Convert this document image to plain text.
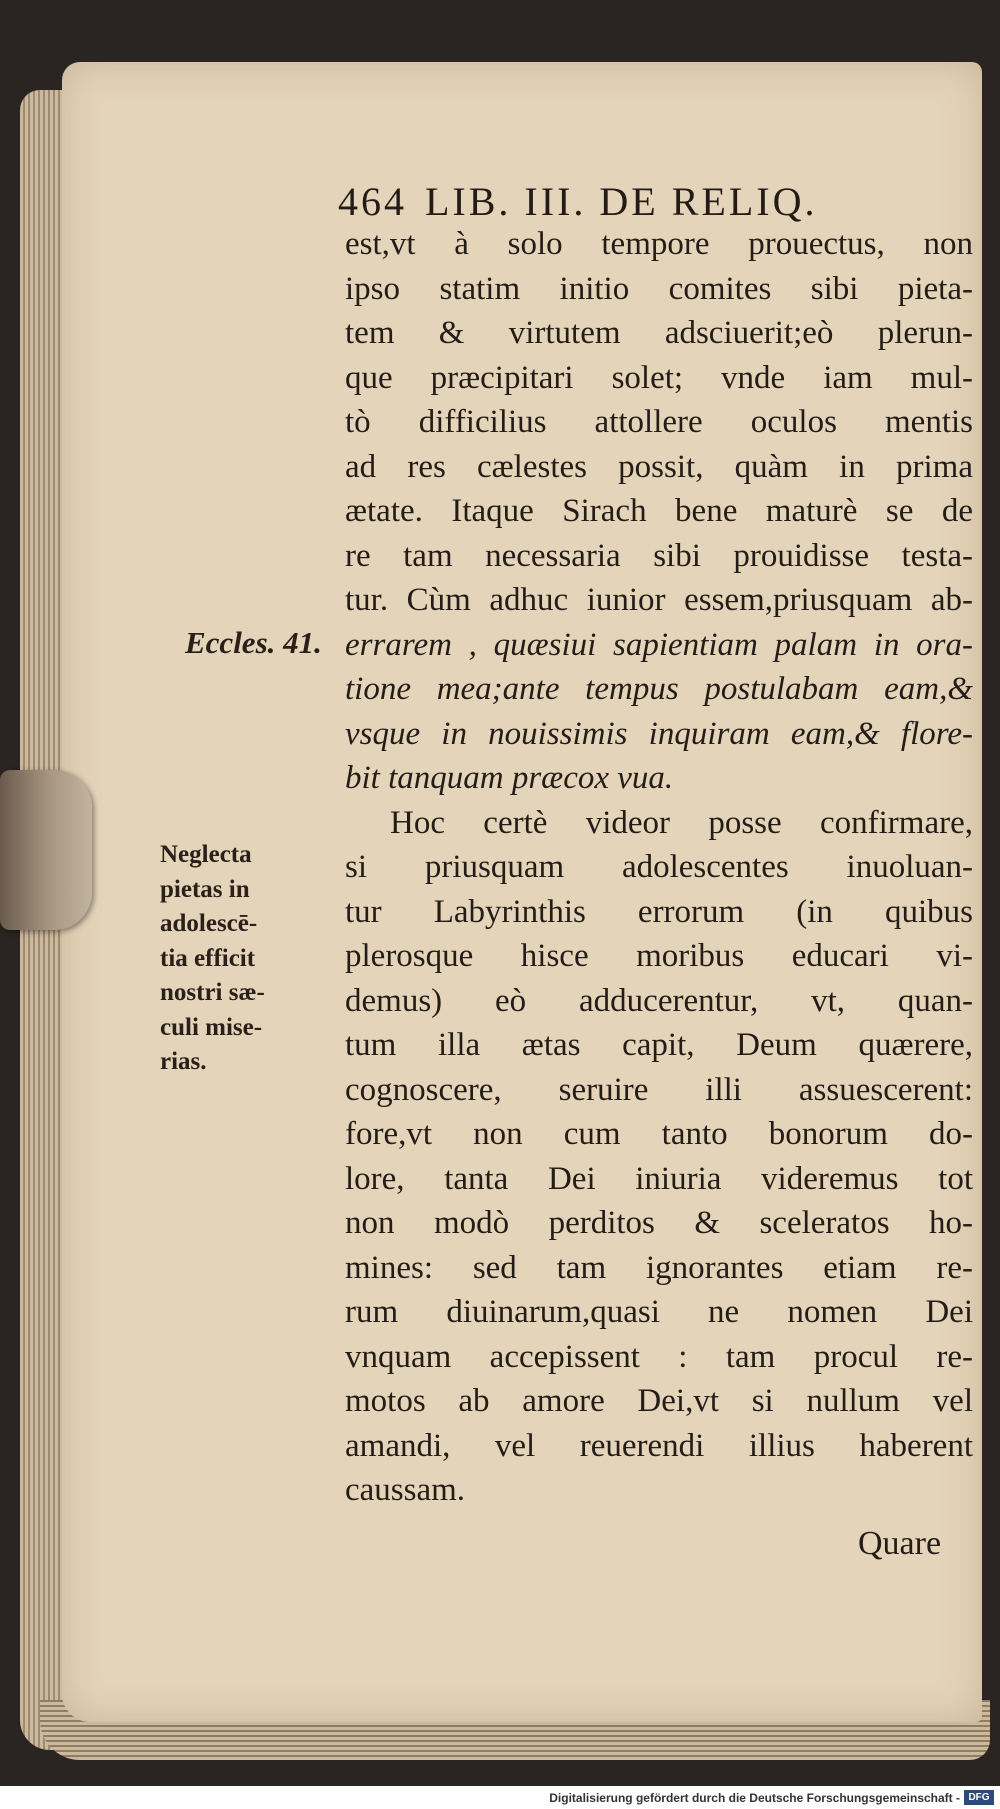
464 LIB. III. DE RELIQ.
est,vt à solo tempore prouectus, non
ipso statim initio comites sibi pieta-
tem & virtutem adsciuerit;eò plerun-
que præcipitari solet; vnde iam mul-
tò difficilius attollere oculos mentis
ad res cælestes possit, quàm in prima
ætate. Itaque Sirach bene maturè se de
re tam necessaria sibi prouidisse testa-
tur. Cùm adhuc iunior essem,priusquam ab-
errarem , quæsiui sapientiam palam in ora-
tione mea;ante tempus postulabam eam,&
vsque in nouissimis inquiram eam,& flore-
bit tanquam præcox vua.
Hoc certè videor posse confirmare,
si priusquam adolescentes inuoluan-
tur Labyrinthis errorum (in quibus
plerosque hisce moribus educari vi-
demus) eò adducerentur, vt, quan-
tum illa ætas capit, Deum quærere,
cognoscere, seruire illi assuescerent:
fore,vt non cum tanto bonorum do-
lore, tanta Dei iniuria videremus tot
non modò perditos & sceleratos ho-
mines: sed tam ignorantes etiam re-
rum diuinarum,quasi ne nomen Dei
vnquam accepissent : tam procul re-
motos ab amore Dei,vt si nullum vel
amandi, vel reuerendi illius haberent
caussam.
Eccles. 41.
Neglecta
pietas in
adolescē-
tia efficit
nostri sæ-
culi mise-
rias.
Quare
Digitalisierung gefördert durch die Deutsche Forschungsgemeinschaft - DFG
